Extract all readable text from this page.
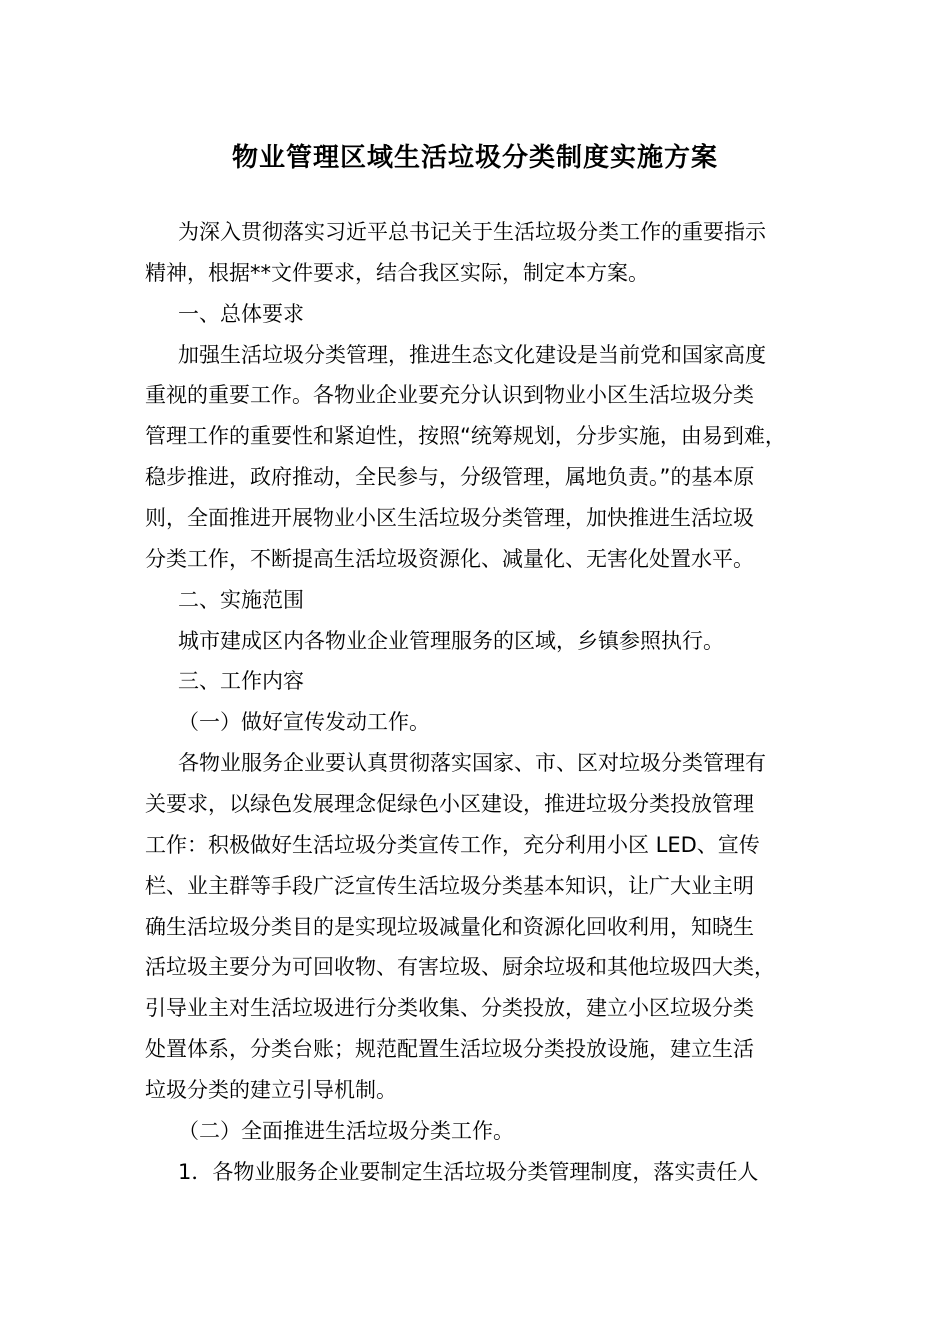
物业管理区域生活垃圾分类制度实施方案
为深入贯彻落实习近平总书记关于生活垃圾分类工作的重要指示
精神，根据**文件要求，结合我区实际，制定本方案。
一、总体要求
加强生活垃圾分类管理，推进生态文化建设是当前党和国家高度
重视的重要工作。各物业企业要充分认识到物业小区生活垃圾分类
管理工作的重要性和紧迫性，按照“统筹规划，分步实施，由易到难，
稳步推进，政府推动，全民参与，分级管理，属地负责。”的基本原
则，全面推进开展物业小区生活垃圾分类管理，加快推进生活垃圾
分类工作，不断提高生活垃圾资源化、减量化、无害化处置水平。
二、实施范围
城市建成区内各物业企业管理服务的区域，乡镇参照执行。
三、工作内容
（一）做好宣传发动工作。
各物业服务企业要认真贯彻落实国家、市、区对垃圾分类管理有
关要求，以绿色发展理念促绿色小区建设，推进垃圾分类投放管理
工作：积极做好生活垃圾分类宣传工作，充分利用小区 LED、宣传
栏、业主群等手段广泛宣传生活垃圾分类基本知识，让广大业主明
确生活垃圾分类目的是实现垃圾减量化和资源化回收利用，知晓生
活垃圾主要分为可回收物、有害垃圾、厨余垃圾和其他垃圾四大类，
引导业主对生活垃圾进行分类收集、分类投放，建立小区垃圾分类
处置体系，分类台账；规范配置生活垃圾分类投放设施，建立生活
垃圾分类的建立引导机制。
（二）全面推进生活垃圾分类工作。
1．各物业服务企业要制定生活垃圾分类管理制度，落实责任人
